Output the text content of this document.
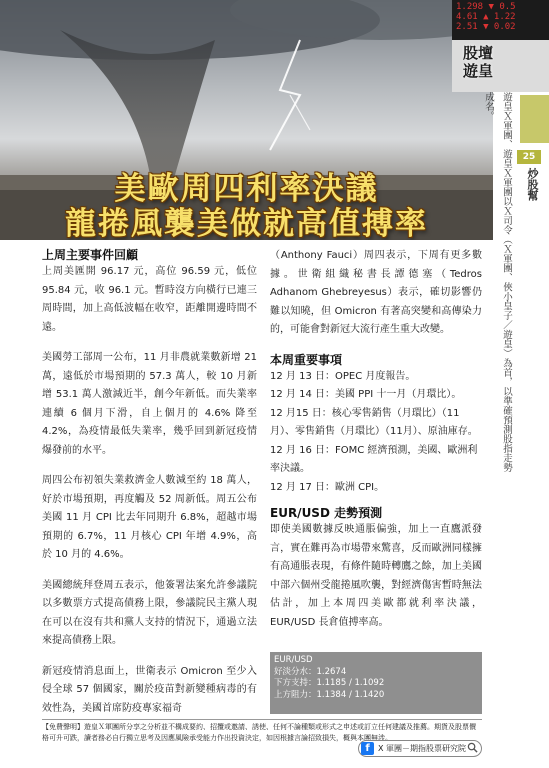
美歐周四利率決議
龍捲風襲美做就高值搏率
1.298 ▼ 0.5
4.61 ▲ 1.22
2.51 ▼ 0.02
股壇
遊皇
25
炒股幫
遊皇Ｘ軍團、遊皇Ｘ軍團以Ｘ司令（Ｘ軍團、俠小皇子／遊皇）為首，以準確預測股指走勢成名。
上周主要事件回顧

上周美匯開 96.17 元，高位 96.59 元，低位 95.84 元，收 96.1 元。暫時沒方向橫行已連三周時間，加上高低波幅在收窄，距離開邊時間不遠。

美國勞工部周一公布，11 月非農就業數新增 21 萬，遠低於市場預期的 57.3 萬人，較 10 月新增 53.1 萬人激減近半，創今年新低。而失業率連續 6 個月下滑，自上個月的 4.6% 降至 4.2%，為疫情最低失業率，幾乎回到新冠疫情爆發前的水平。

周四公布初領失業救濟金人數減至約 18 萬人，好於市場預期，再度觸及 52 周新低。周五公布美國 11 月 CPI 比去年同期升 6.8%，超越市場預期的 6.7%，11 月核心 CPI 年增 4.9%，高於 10 月的 4.6%。

美國總統拜登周五表示，他簽署法案允許參議院以多數票方式提高債務上限，參議院民主黨人現在可以在沒有共和黨人支持的情況下，通過立法來提高債務上限。

新冠疫情消息面上，世衛表示 Omicron 至少入侵全球 57 個國家，關於疫苗對新變種病毒的有效性為，美國首席防疫專家福奇

（Anthony Fauci）周四表示，下周有更多數據。世衛組織秘書長譚德塞（Tedros Adhanom Ghebreyesus）表示，確切影響仍難以知曉，但 Omicron 有著高突變和高傳染力的，可能會對新冠大流行產生重大改變。

本周重要事項
12 月 13 日：OPEC 月度報告。
12 月 14 日：美國 PPI 十一月（月環比）。
12 月15 日：核心零售銷售（月環比）（11月）、零售銷售（月環比）（11月）、原油庫存。
12 月 16 日：FOMC 經濟預測，美國、歐洲利率決議。
12 月 17 日：歐洲 CPI。
EUR/USD 走勢預測

即使美國數據反映通脹偏強，加上一直鷹派發言，實在難再為市場帶來驚喜，反而歐洲同樣擁有高通脹表現，有條件隨時轉鷹之餘，加上美國中部六個州受龍捲風吹襲，對經濟傷害暫時無法估計，加上本周四美歐都就利率決議，EUR/USD 長倉值搏率高。

EUR/USD
好淡分水：1.2674
下方支持：1.1185 / 1.1092
上方阻力：1.1384 / 1.1420
【免費聲明】遊皇Ｘ軍團所分享之分析並不構成要約、招攬或邀請、誘使、任何不論種類或形式之申述或訂立任何建議及推薦。期貨及股票價格可升可跌，讀者務必自行獨立思考及因應風險承受能力作出投資決定，如因根據言論招致損失，概與本團無涉。
f	X 軍團－期指股票研究院
